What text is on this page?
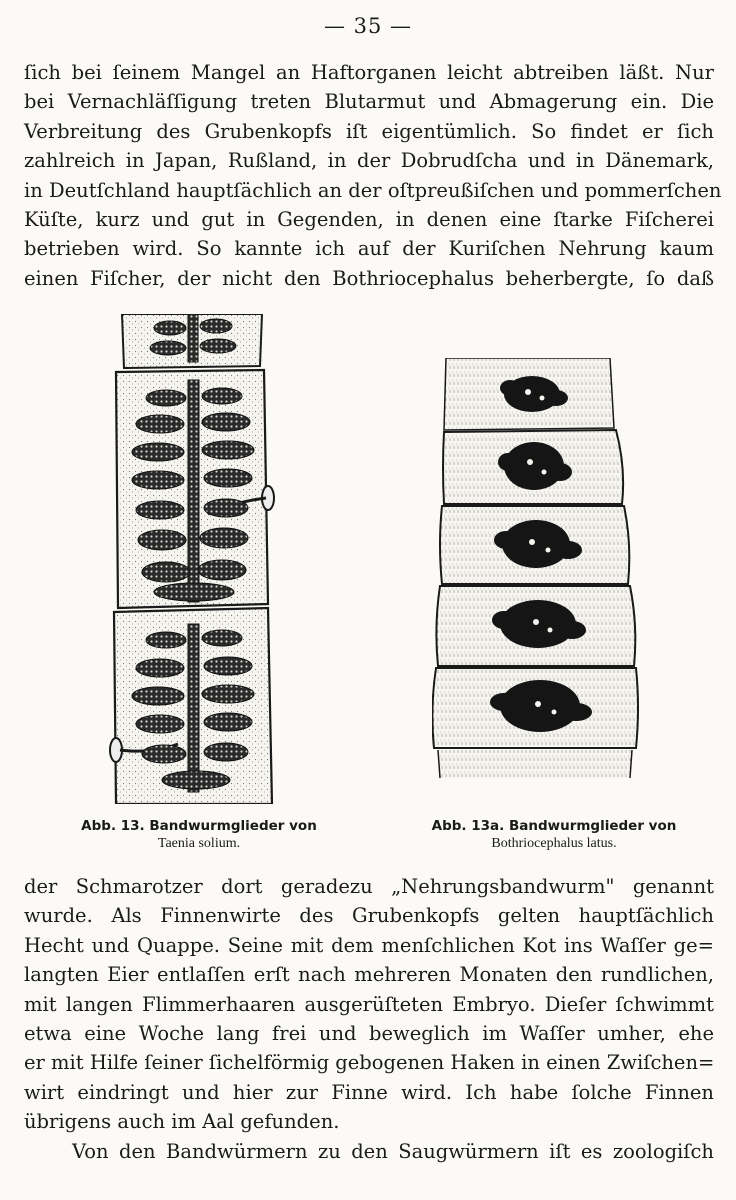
— 35 —
ſich bei ſeinem Mangel an Haftorganen leicht abtreiben läßt. Nur
bei Vernachläſſigung treten Blutarmut und Abmagerung ein. Die
Verbreitung des Grubenkopfs iſt eigentümlich. So findet er ſich
zahlreich in Japan, Rußland, in der Dobrudſcha und in Dänemark,
in Deutſchland hauptſächlich an der oſtpreußiſchen und pommerſchen
Küſte, kurz und gut in Gegenden, in denen eine ſtarke Fiſcherei
betrieben wird. So kannte ich auf der Kuriſchen Nehrung kaum
einen Fiſcher, der nicht den Bothriocephalus beherbergte, ſo daß
Abb. 13. Bandwurmglieder von
Taenia solium.
Abb. 13a. Bandwurmglieder von
Bothriocephalus latus.
der Schmarotzer dort geradezu „Nehrungsbandwurm" genannt
wurde. Als Finnenwirte des Grubenkopfs gelten hauptſächlich
Hecht und Quappe. Seine mit dem menſchlichen Kot ins Waſſer ge=
langten Eier entlaſſen erſt nach mehreren Monaten den rundlichen,
mit langen Flimmerhaaren ausgerüſteten Embryo. Dieſer ſchwimmt
etwa eine Woche lang frei und beweglich im Waſſer umher, ehe
er mit Hilfe ſeiner ſichelförmig gebogenen Haken in einen Zwiſchen=
wirt eindringt und hier zur Finne wird. Ich habe ſolche Finnen
übrigens auch im Aal gefunden.
Von den Bandwürmern zu den Saugwürmern iſt es zoologiſch
